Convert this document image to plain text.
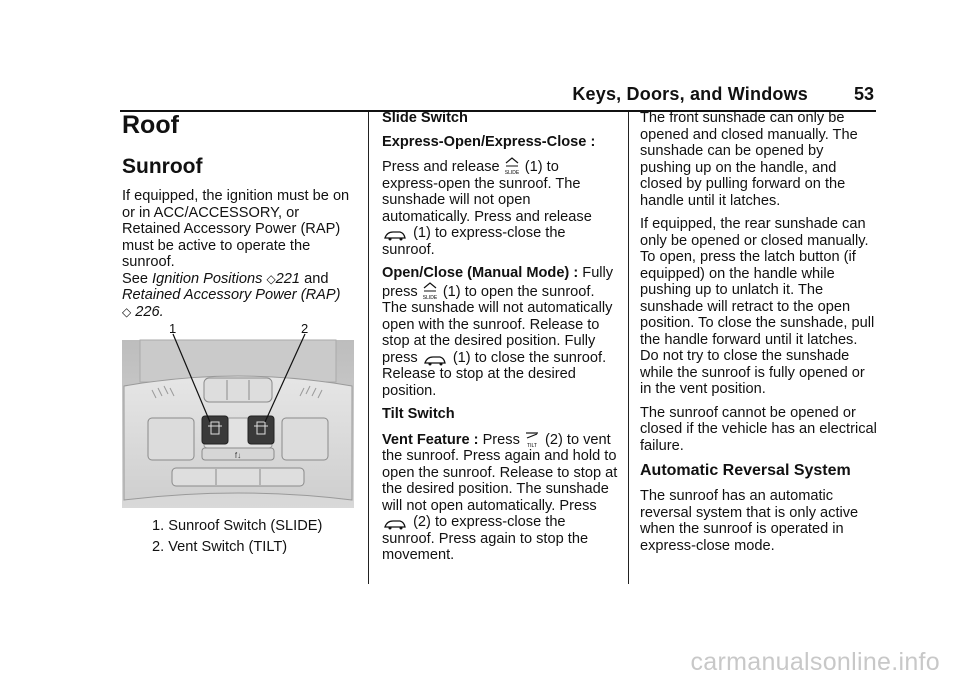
Keys, Doors, and Windows	53
Roof
Sunroof

If equipped, the ignition must be on or in ACC/ACCESSORY, or Retained Accessory Power (RAP) must be active to operate the sunroof.

See Ignition Positions ◇221 and Retained Accessory Power (RAP)
◇ 226.

1	2
f↓
1. Sunroof Switch (SLIDE)
2. Vent Switch (TILT)

Slide Switch

Express-Open/Express-Close :

Press and release SLIDE (1) to express-open the sunroof. The sunshade will not open automatically. Press and release  (1) to express-close the sunroof.

Open/Close (Manual Mode) : Fully press SLIDE (1) to open the sunroof. The sunshade will not automatically open with the sunroof. Release to stop at the desired position. Fully press (1) to close the sunroof. Release to stop at the desired position.

Tilt Switch

Vent Feature : Press TILT (2) to vent the sunroof. Press again and hold to open the sunroof. Release to stop at the desired position. The sunshade will not open automatically. Press  (2) to express-close the sunroof. Press again to stop the movement.

The front sunshade can only be opened and closed manually. The sunshade can be opened by pushing up on the handle, and closed by pulling forward on the handle until it latches.

If equipped, the rear sunshade can only be opened or closed manually. To open, press the latch button (if equipped) on the handle while pushing up to unlatch it. The sunshade will retract to the open position. To close the sunshade, pull the handle forward until it latches. Do not try to close the sunshade while the sunroof is fully opened or in the vent position.

The sunroof cannot be opened or closed if the vehicle has an electrical failure.

Automatic Reversal System

The sunroof has an automatic reversal system that is only active when the sunroof is operated in express-close mode.

carmanualsonline.info
